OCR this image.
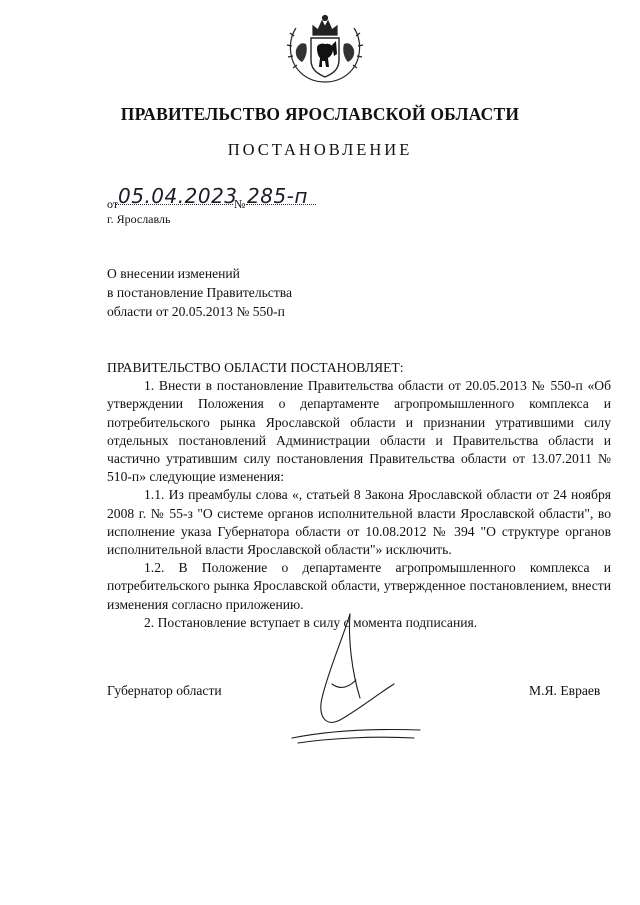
ПРАВИТЕЛЬСТВО ЯРОСЛАВСКОЙ ОБЛАСТИ
ПОСТАНОВЛЕНИЕ
от 05.04.2023
№ 285-п
г. Ярославль
О внесении изменений
в постановление Правительства
области от 20.05.2013 № 550-п
ПРАВИТЕЛЬСТВО ОБЛАСТИ ПОСТАНОВЛЯЕТ:

1. Внести в постановление Правительства области от 20.05.2013 № 550-п «Об утверждении Положения о департаменте агропромышленного комплекса и потребительского рынка Ярославской области и признании утратившими силу отдельных постановлений Администрации области и Правительства области и частично утратившим силу постановления Правительства области от 13.07.2011 № 510-п» следующие изменения:

1.1. Из преамбулы слова «, статьей 8 Закона Ярославской области от 24 ноября 2008 г. № 55-з "О системе органов исполнительной власти Ярославской области", во исполнение указа Губернатора области от 10.08.2012 № 394 "О структуре органов исполнительной власти Ярославской области"» исключить.

1.2. В Положение о департаменте агропромышленного комплекса и потребительского рынка Ярославской области, утвержденное постановлением, внести изменения согласно приложению.

2. Постановление вступает в силу с момента подписания.

Губернатор области	М.Я. Евраев
